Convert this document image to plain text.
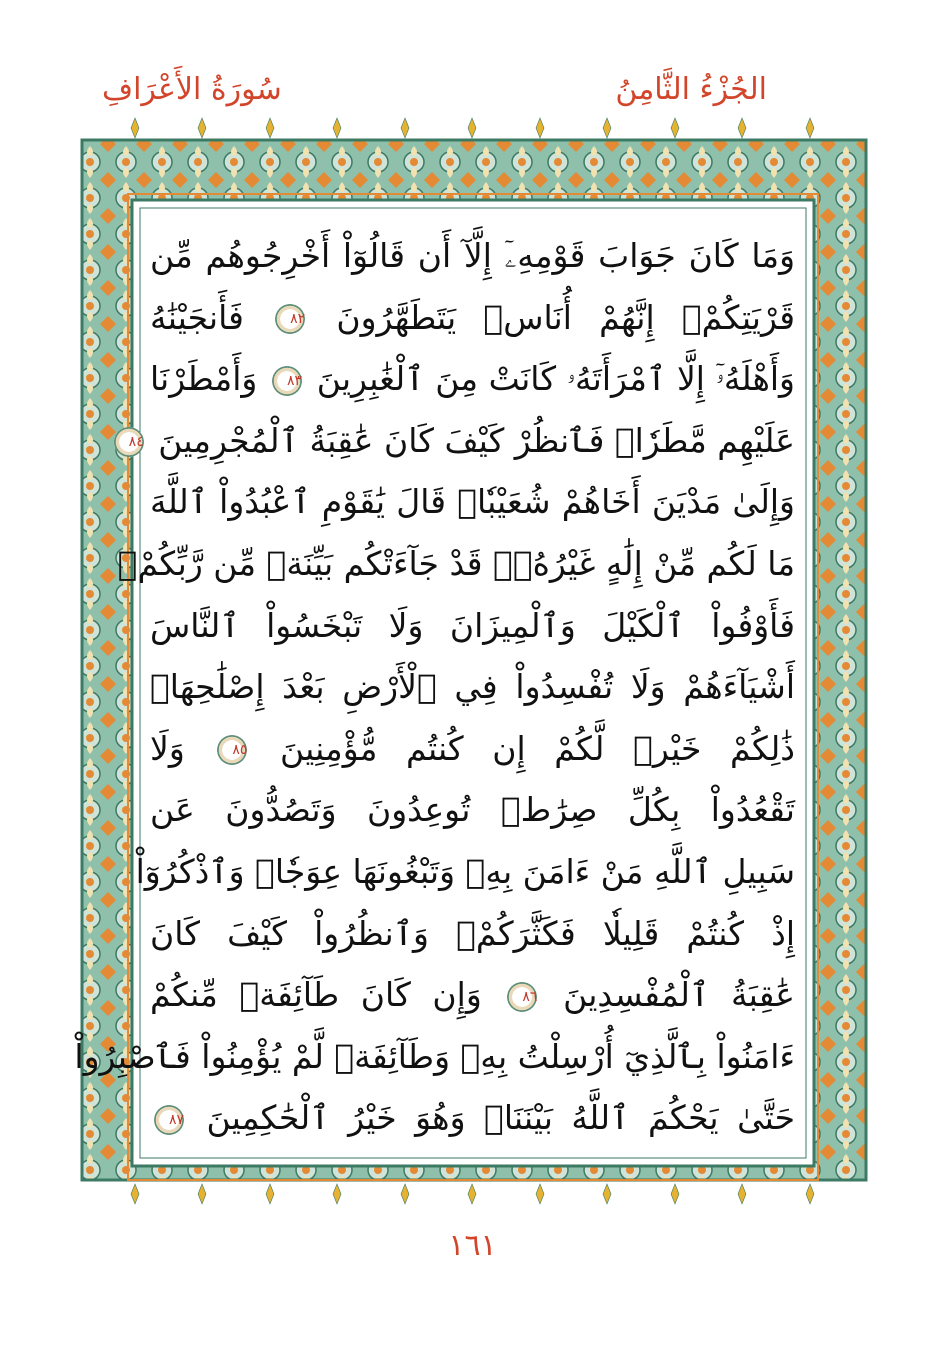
الجُزْءُ الثَّامِنُ
سُورَةُ الأَعْرَافِ
وَمَا كَانَ جَوَابَ قَوْمِهِۦٓ إِلَّآ أَن قَالُوٓاْ أَخْرِجُوهُم مِّن
قَرْيَتِكُمْۖ إِنَّهُمْ أُنَاسٞ يَتَطَهَّرُونَ ٨٢ فَأَنجَيْنَٰهُ
وَأَهْلَهُۥٓ إِلَّا ٱمْرَأَتَهُۥ كَانَتْ مِنَ ٱلْغَٰبِرِينَ ٨٣ وَأَمْطَرْنَا
عَلَيْهِم مَّطَرٗاۖ فَٱنظُرْ كَيْفَ كَانَ عَٰقِبَةُ ٱلْمُجْرِمِينَ ٨٤
وَإِلَىٰ مَدْيَنَ أَخَاهُمْ شُعَيْبٗاۚ قَالَ يَٰقَوْمِ ٱعْبُدُواْ ٱللَّهَ
مَا لَكُم مِّنْ إِلَٰهٍ غَيْرُهُۥۖ قَدْ جَآءَتْكُم بَيِّنَةٞ مِّن رَّبِّكُمْۖ
فَأَوْفُواْ ٱلْكَيْلَ وَٱلْمِيزَانَ وَلَا تَبْخَسُواْ ٱلنَّاسَ
أَشْيَآءَهُمْ وَلَا تُفْسِدُواْ فِي ٱلْأَرْضِ بَعْدَ إِصْلَٰحِهَاۚ
ذَٰلِكُمْ خَيْرٞ لَّكُمْ إِن كُنتُم مُّؤْمِنِينَ ٨٥ وَلَا
تَقْعُدُواْ بِكُلِّ صِرَٰطٖ تُوعِدُونَ وَتَصُدُّونَ عَن
سَبِيلِ ٱللَّهِ مَنْ ءَامَنَ بِهِۦ وَتَبْغُونَهَا عِوَجٗاۚ وَٱذْكُرُوٓاْ
إِذْ كُنتُمْ قَلِيلٗا فَكَثَّرَكُمْۖ وَٱنظُرُواْ كَيْفَ كَانَ
عَٰقِبَةُ ٱلْمُفْسِدِينَ ٨٦ وَإِن كَانَ طَآئِفَةٞ مِّنكُمْ
ءَامَنُواْ بِٱلَّذِيٓ أُرْسِلْتُ بِهِۦ وَطَآئِفَةٞ لَّمْ يُؤْمِنُواْ فَٱصْبِرُواْ
حَتَّىٰ يَحْكُمَ ٱللَّهُ بَيْنَنَاۚ وَهُوَ خَيْرُ ٱلْحَٰكِمِينَ ٨٧
١٦١
